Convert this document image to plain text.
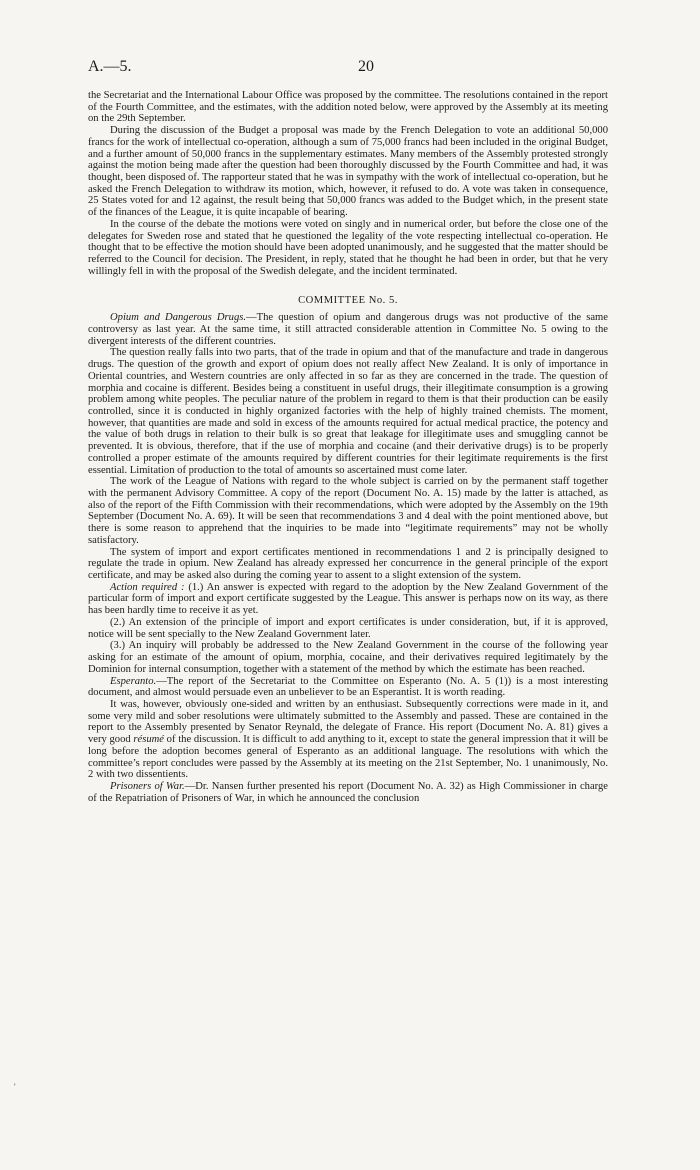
A.—5.	20

the Secretariat and the International Labour Office was proposed by the committee. The resolutions contained in the report of the Fourth Committee, and the estimates, with the addition noted below, were approved by the Assembly at its meeting on the 29th September.

During the discussion of the Budget a proposal was made by the French Delegation to vote an additional 50,000 francs for the work of intellectual co-operation, although a sum of 75,000 francs had been included in the original Budget, and a further amount of 50,000 francs in the supplementary estimates. Many members of the Assembly protested strongly against the motion being made after the question had been thoroughly discussed by the Fourth Committee and had, it was thought, been disposed of. The rapporteur stated that he was in sympathy with the work of intellectual co-operation, but he asked the French Delegation to withdraw its motion, which, however, it refused to do. A vote was taken in consequence, 25 States voted for and 12 against, the result being that 50,000 francs was added to the Budget which, in the present state of the finances of the League, it is quite incapable of bearing.

In the course of the debate the motions were voted on singly and in numerical order, but before the close one of the delegates for Sweden rose and stated that he questioned the legality of the vote respecting intellectual co-operation. He thought that to be effective the motion should have been adopted unanimously, and he suggested that the matter should be referred to the Council for decision. The President, in reply, stated that he thought he had been in order, but that he very willingly fell in with the proposal of the Swedish delegate, and the incident terminated.

COMMITTEE No. 5.

Opium and Dangerous Drugs.—The question of opium and dangerous drugs was not productive of the same controversy as last year. At the same time, it still attracted considerable attention in Committee No. 5 owing to the divergent interests of the different countries.

The question really falls into two parts, that of the trade in opium and that of the manufacture and trade in dangerous drugs. The question of the growth and export of opium does not really affect New Zealand. It is only of importance in Oriental countries, and Western countries are only affected in so far as they are concerned in the trade. The question of morphia and cocaine is different. Besides being a constituent in useful drugs, their illegitimate consumption is a growing problem among white peoples. The peculiar nature of the problem in regard to them is that their production can be easily controlled, since it is conducted in highly organized factories with the help of highly trained chemists. The moment, however, that quantities are made and sold in excess of the amounts required for actual medical practice, the potency and the value of both drugs in relation to their bulk is so great that leakage for illegitimate uses and smuggling cannot be prevented. It is obvious, therefore, that if the use of morphia and cocaine (and their derivative drugs) is to be properly controlled a proper estimate of the amounts required by different countries for their legitimate requirements is the first essential. Limitation of production to the total of amounts so ascertained must come later.

The work of the League of Nations with regard to the whole subject is carried on by the permanent staff together with the permanent Advisory Committee. A copy of the report (Document No. A. 15) made by the latter is attached, as also of the report of the Fifth Commission with their recommendations, which were adopted by the Assembly on the 19th September (Document No. A. 69). It will be seen that recommendations 3 and 4 deal with the point mentioned above, but there is some reason to apprehend that the inquiries to be made into “legitimate requirements” may not be wholly satisfactory.

The system of import and export certificates mentioned in recommendations 1 and 2 is principally designed to regulate the trade in opium. New Zealand has already expressed her concurrence in the general principle of the export certificate, and may be asked also during the coming year to assent to a slight extension of the system.

Action required : (1.) An answer is expected with regard to the adoption by the New Zealand Government of the particular form of import and export certificate suggested by the League. This answer is perhaps now on its way, as there has been hardly time to receive it as yet.

(2.) An extension of the principle of import and export certificates is under consideration, but, if it is approved, notice will be sent specially to the New Zealand Government later.

(3.) An inquiry will probably be addressed to the New Zealand Government in the course of the following year asking for an estimate of the amount of opium, morphia, cocaine, and their derivatives required legitimately by the Dominion for internal consumption, together with a statement of the method by which the estimate has been reached.

Esperanto.—The report of the Secretariat to the Committee on Esperanto (No. A. 5 (1)) is a most interesting document, and almost would persuade even an unbeliever to be an Esperantist. It is worth reading.

It was, however, obviously one-sided and written by an enthusiast. Subsequently corrections were made in it, and some very mild and sober resolutions were ultimately submitted to the Assembly and passed. These are contained in the report to the Assembly presented by Senator Reynald, the delegate of France. His report (Document No. A. 81) gives a very good résumé of the discussion. It is difficult to add anything to it, except to state the general impression that it will be long before the adoption becomes general of Esperanto as an additional language. The resolutions with which the committee’s report concludes were passed by the Assembly at its meeting on the 21st September, No. 1 unanimously, No. 2 with two dissentients.

Prisoners of War.—Dr. Nansen further presented his report (Document No. A. 32) as High Commissioner in charge of the Repatriation of Prisoners of War, in which he announced the conclusion

'
